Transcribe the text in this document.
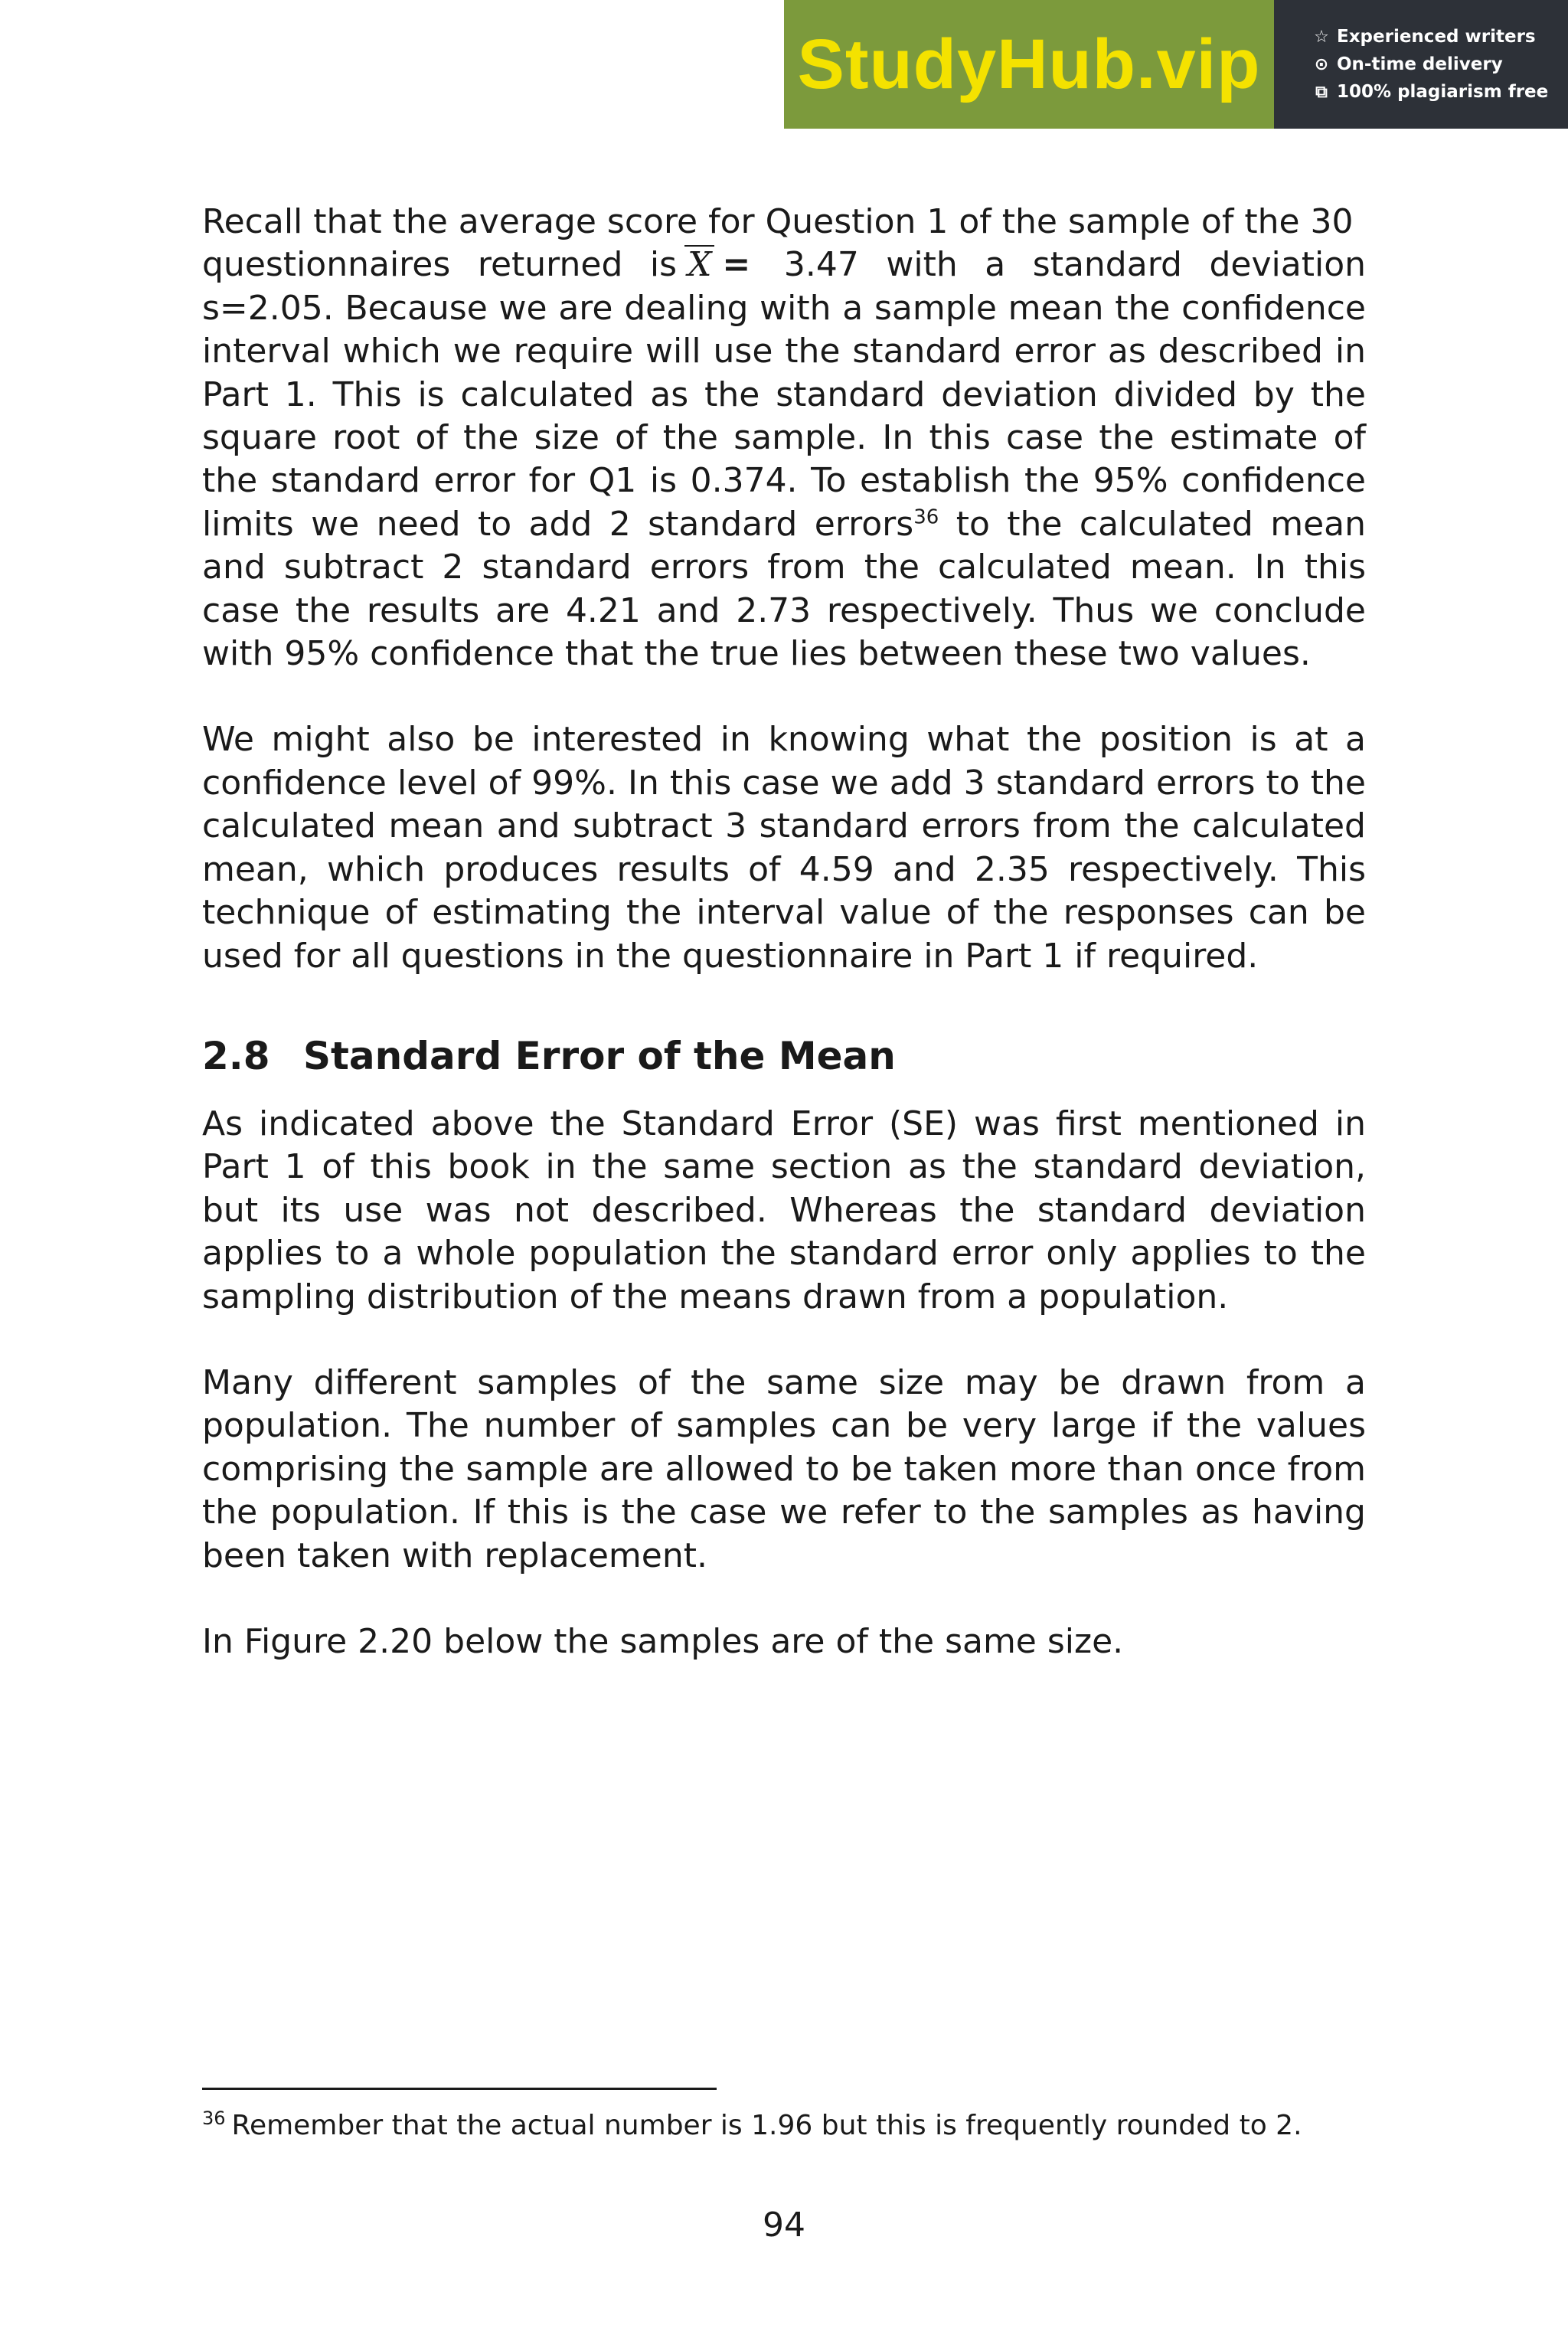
StudyHub.vip	☆ Experienced writers
⊙ On-time delivery
⧉ 100% plagiarism free

Recall that the average score for Question 1 of the sample of the 30
questionnaires returned is X = 3.47 with a standard deviation s=2.05. Because we are dealing with a sample mean the confidence interval which we require will use the standard error as described in Part 1. This is calculated as the standard deviation divided by the square root of the size of the sample. In this case the estimate of the standard error for Q1 is 0.374. To establish the 95% confidence limits we need to add 2 standard errors$^{36}$ to the calculated mean and subtract 2 standard errors from the calculated mean. In this case the results are 4.21 and 2.73 respectively. Thus we conclude with 95% confidence that the true lies between these two values.

We might also be interested in knowing what the position is at a confidence level of 99%. In this case we add 3 standard errors to the calculated mean and subtract 3 standard errors from the calculated mean, which produces results of 4.59 and 2.35 respectively. This technique of estimating the interval value of the responses can be used for all questions in the questionnaire in Part 1 if required.

2.8 Standard Error of the Mean

As indicated above the Standard Error (SE) was first mentioned in Part 1 of this book in the same section as the standard deviation, but its use was not described. Whereas the standard deviation applies to a whole population the standard error only applies to the sampling distribution of the means drawn from a population.

Many different samples of the same size may be drawn from a population. The number of samples can be very large if the values comprising the sample are allowed to be taken more than once from the population. If this is the case we refer to the samples as having been taken with replacement.

In Figure 2.20 below the samples are of the same size.

$^{36}$ Remember that the actual number is 1.96 but this is frequently rounded to 2.

94
